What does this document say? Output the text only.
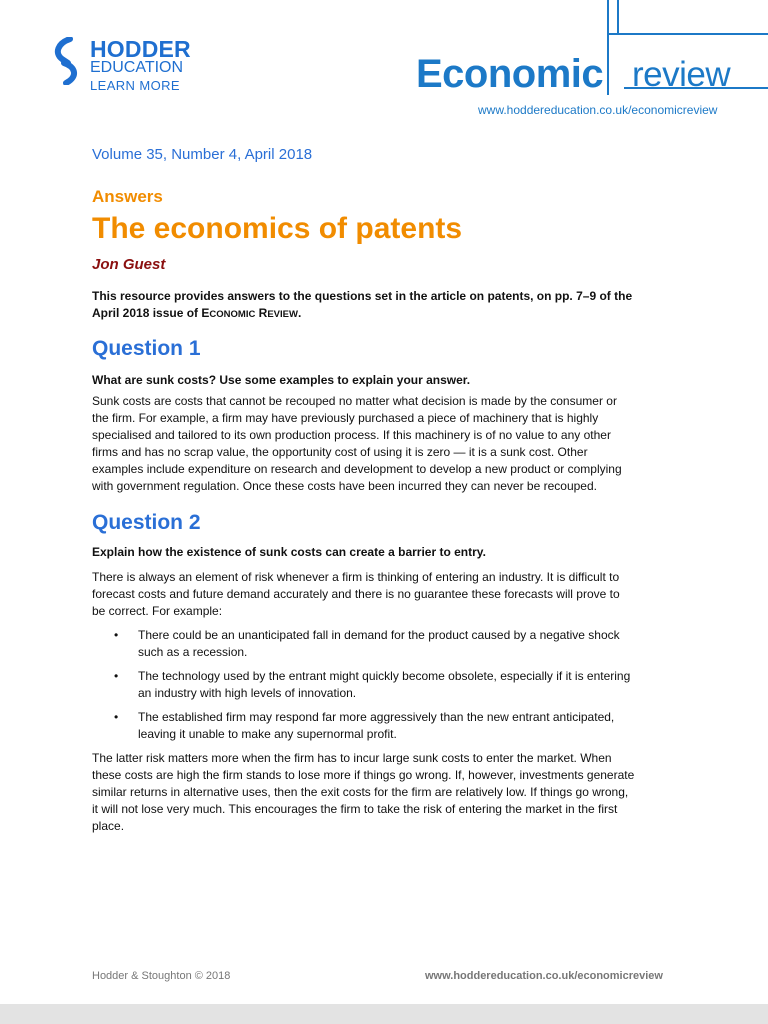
HODDER
EDUCATION
LEARN MORE	Economic review
www.hoddereducation.co.uk/economicreview
Volume 35, Number 4, April 2018
Answers
The economics of patents
Jon Guest
This resource provides answers to the questions set in the article on patents, on pp. 7–9 of the
April 2018 issue of ECONOMIC REVIEW.
Question 1
What are sunk costs? Use some examples to explain your answer.
Sunk costs are costs that cannot be recouped no matter what decision is made by the consumer or
the firm. For example, a firm may have previously purchased a piece of machinery that is highly
specialised and tailored to its own production process. If this machinery is of no value to any other
firms and has no scrap value, the opportunity cost of using it is zero — it is a sunk cost. Other
examples include expenditure on research and development to develop a new product or complying
with government regulation. Once these costs have been incurred they can never be recouped.
Question 2
Explain how the existence of sunk costs can create a barrier to entry.
There is always an element of risk whenever a firm is thinking of entering an industry. It is difficult to
forecast costs and future demand accurately and there is no guarantee these forecasts will prove to
be correct. For example:
• There could be an unanticipated fall in demand for the product caused by a negative shock
such as a recession.
• The technology used by the entrant might quickly become obsolete, especially if it is entering
an industry with high levels of innovation.
• The established firm may respond far more aggressively than the new entrant anticipated,
leaving it unable to make any supernormal profit.
The latter risk matters more when the firm has to incur large sunk costs to enter the market. When
these costs are high the firm stands to lose more if things go wrong. If, however, investments generate
similar returns in alternative uses, then the exit costs for the firm are relatively low. If things go wrong,
it will not lose very much. This encourages the firm to take the risk of entering the market in the first
place.
Hodder & Stoughton © 2018	www.hoddereducation.co.uk/economicreview
